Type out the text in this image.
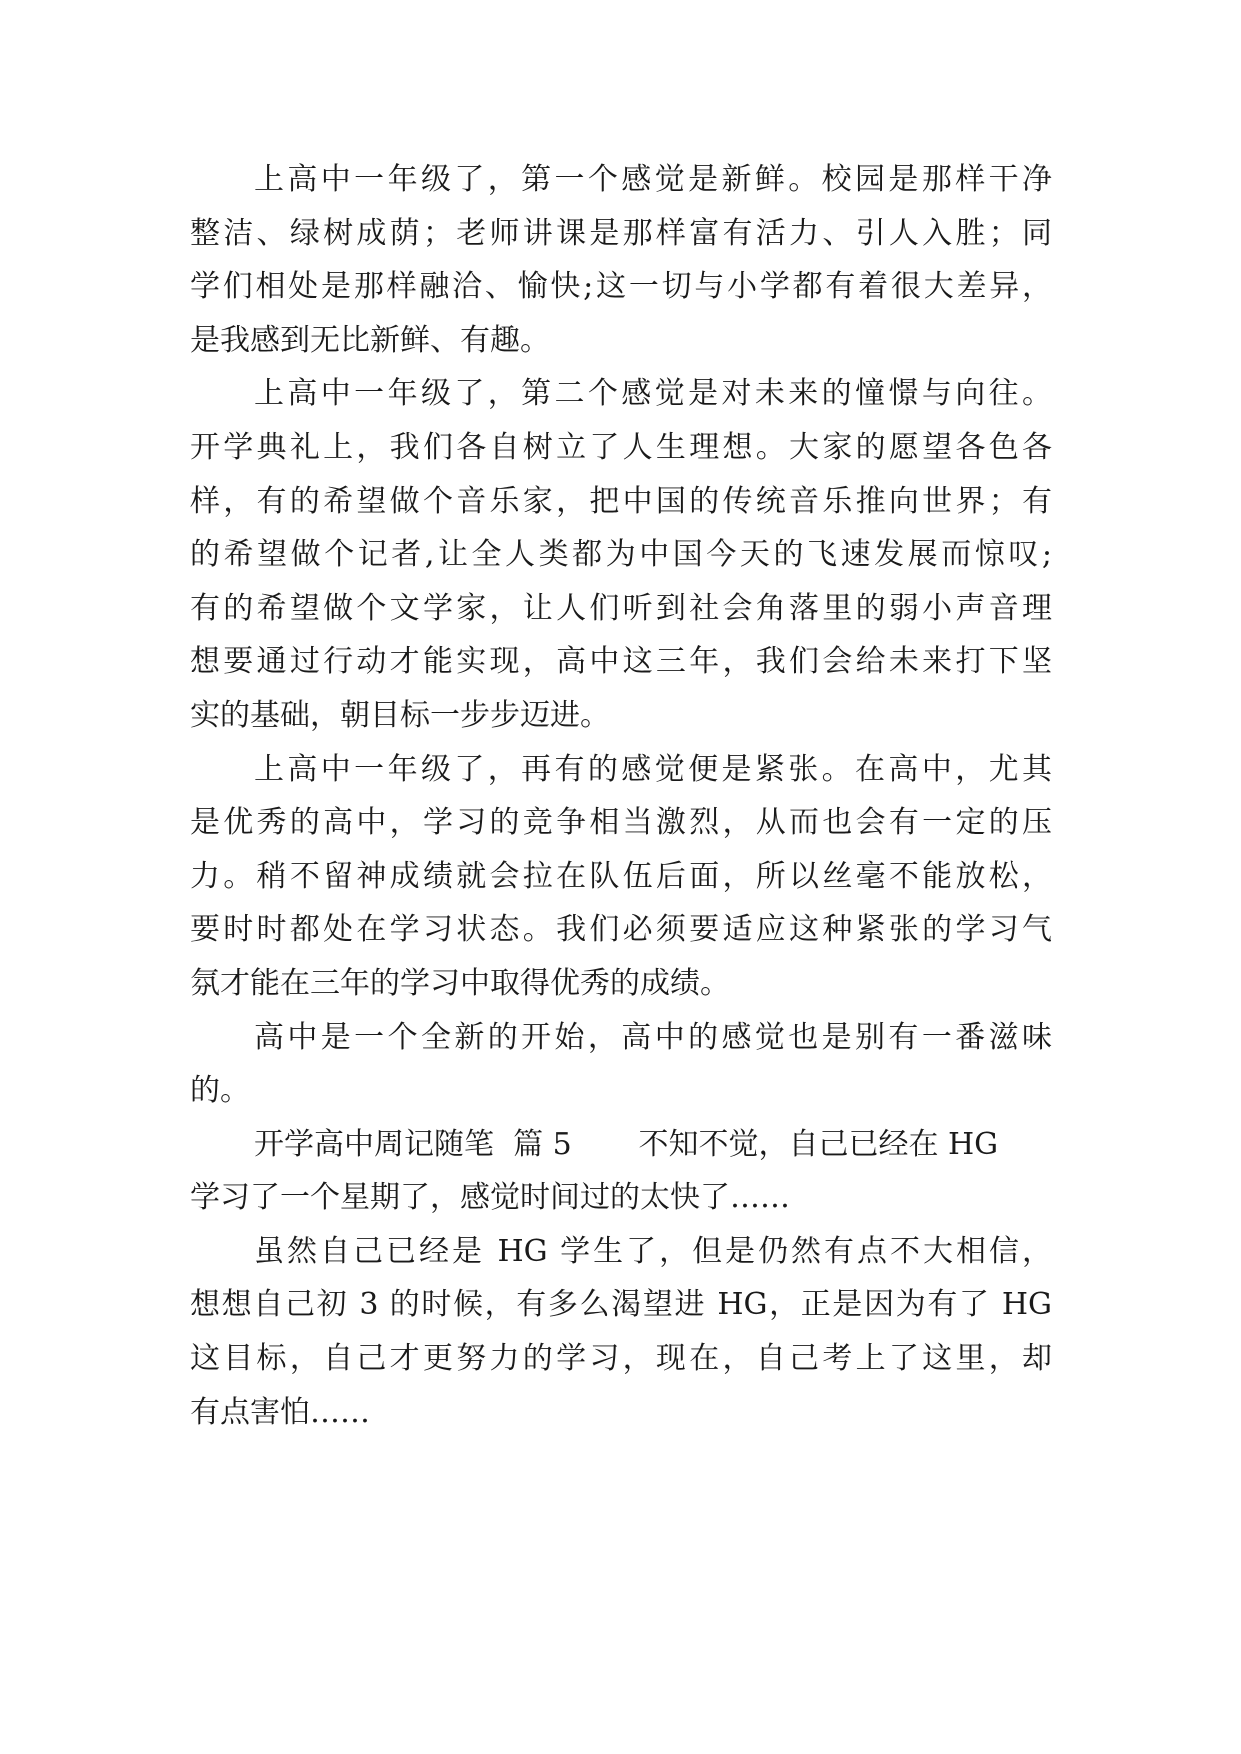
上高中一年级了，第一个感觉是新鲜。校园是那样干净
整洁、绿树成荫；老师讲课是那样富有活力、引人入胜；同
学们相处是那样融洽、愉快;这一切与小学都有着很大差异，
是我感到无比新鲜、有趣。
上高中一年级了，第二个感觉是对未来的憧憬与向往。
开学典礼上，我们各自树立了人生理想。大家的愿望各色各
样，有的希望做个音乐家，把中国的传统音乐推向世界；有
的希望做个记者,让全人类都为中国今天的飞速发展而惊叹;
有的希望做个文学家，让人们听到社会角落里的弱小声音理
想要通过行动才能实现，高中这三年，我们会给未来打下坚
实的基础，朝目标一步步迈进。
上高中一年级了，再有的感觉便是紧张。在高中，尤其
是优秀的高中，学习的竞争相当激烈，从而也会有一定的压
力。稍不留神成绩就会拉在队伍后面，所以丝毫不能放松，
要时时都处在学习状态。我们必须要适应这种紧张的学习气
氛才能在三年的学习中取得优秀的成绩。
高中是一个全新的开始，高中的感觉也是别有一番滋味
的。
开学高中周记随笔  篇 5       不知不觉，自己已经在 HG
学习了一个星期了，感觉时间过的太快了……
虽然自己已经是 HG 学生了，但是仍然有点不大相信，
想想自己初 3 的时候，有多么渴望进 HG，正是因为有了 HG
这目标，自己才更努力的学习，现在，自己考上了这里，却
有点害怕……
